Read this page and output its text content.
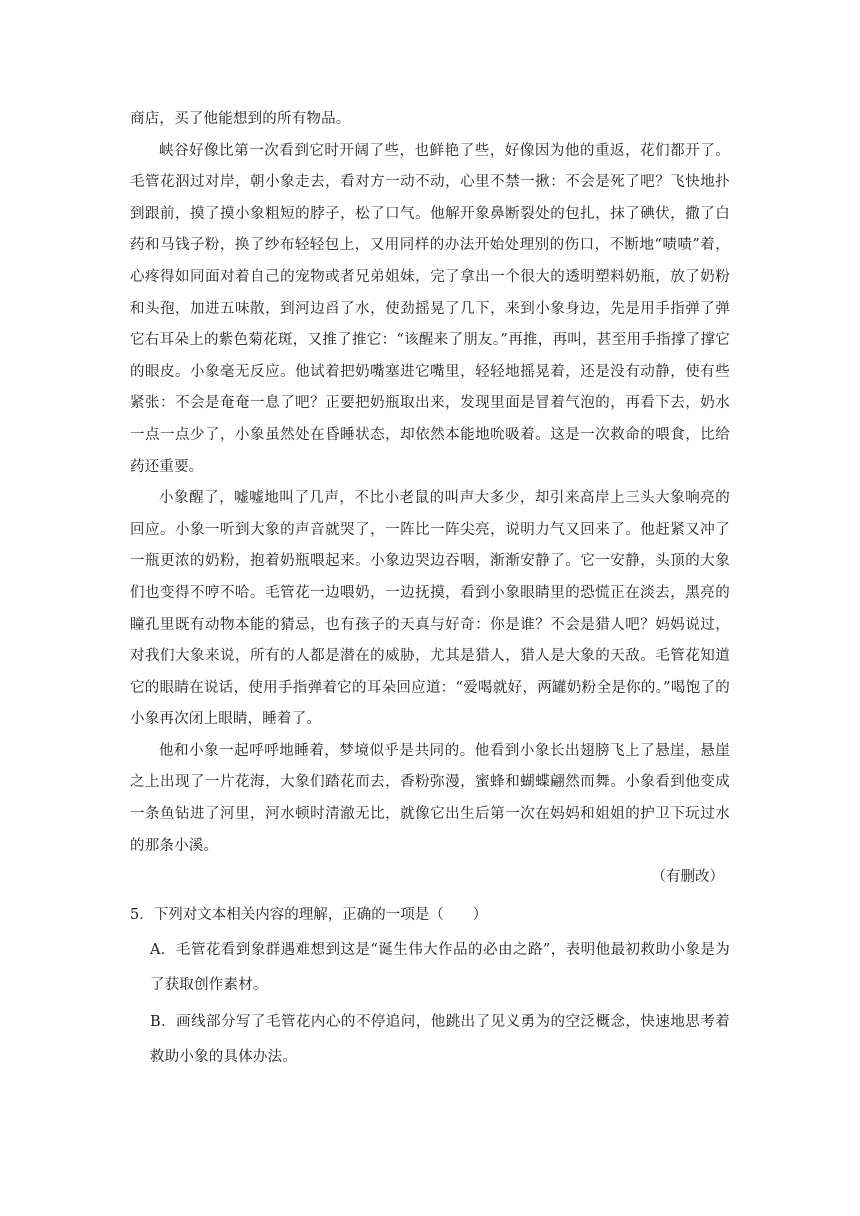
商店，买了他能想到的所有物品。

峡谷好像比第一次看到它时开阔了些，也鲜艳了些，好像因为他的重返，花们都开了。毛管花泅过对岸，朝小象走去，看对方一动不动，心里不禁一揪：不会是死了吧？飞快地扑到跟前，摸了摸小象粗短的脖子，松了口气。他解开象鼻断裂处的包扎，抹了碘伏，撒了白药和马钱子粉，换了纱布轻轻包上，又用同样的办法开始处理别的伤口，不断地“啧啧”着，心疼得如同面对着自己的宠物或者兄弟姐妹，完了拿出一个很大的透明塑料奶瓶，放了奶粉和头孢，加进五味散，到河边舀了水，使劲摇晃了几下，来到小象身边，先是用手指弹了弹它右耳朵上的紫色菊花斑，又推了推它：“该醒来了朋友。”再推，再叫，甚至用手指撑了撑它的眼皮。小象毫无反应。他试着把奶嘴塞进它嘴里，轻轻地摇晃着，还是没有动静，使有些紧张：不会是奄奄一息了吧？正要把奶瓶取出来，发现里面是冒着气泡的，再看下去，奶水一点一点少了，小象虽然处在昏睡状态，却依然本能地吮吸着。这是一次救命的喂食，比给药还重要。

小象醒了，嘘嘘地叫了几声，不比小老鼠的叫声大多少，却引来高岸上三头大象响亮的回应。小象一听到大象的声音就哭了，一阵比一阵尖亮，说明力气又回来了。他赶紧又冲了一瓶更浓的奶粉，抱着奶瓶喂起来。小象边哭边吞咽，渐渐安静了。它一安静，头顶的大象们也变得不哼不哈。毛管花一边喂奶，一边抚摸，看到小象眼睛里的恐慌正在淡去，黑亮的瞳孔里既有动物本能的猜忌，也有孩子的天真与好奇：你是谁？不会是猎人吧？妈妈说过，对我们大象来说，所有的人都是潜在的威胁，尤其是猎人，猎人是大象的天敌。毛管花知道它的眼睛在说话，使用手指弹着它的耳朵回应道：“爱喝就好，两罐奶粉全是你的。”喝饱了的小象再次闭上眼睛，睡着了。

他和小象一起呼呼地睡着，梦境似乎是共同的。他看到小象长出翅膀飞上了悬崖，悬崖之上出现了一片花海，大象们踏花而去，香粉弥漫，蜜蜂和蝴蝶翩然而舞。小象看到他变成一条鱼钻进了河里，河水顿时清澈无比，就像它出生后第一次在妈妈和姐姐的护卫下玩过水的那条小溪。

（有删改）

5．下列对文本相关内容的理解，正确的一项是（　　）

A．毛管花看到象群遇难想到这是“诞生伟大作品的必由之路”，表明他最初救助小象是为了获取创作素材。

B．画线部分写了毛管花内心的不停追问，他跳出了见义勇为的空泛概念，快速地思考着救助小象的具体办法。
